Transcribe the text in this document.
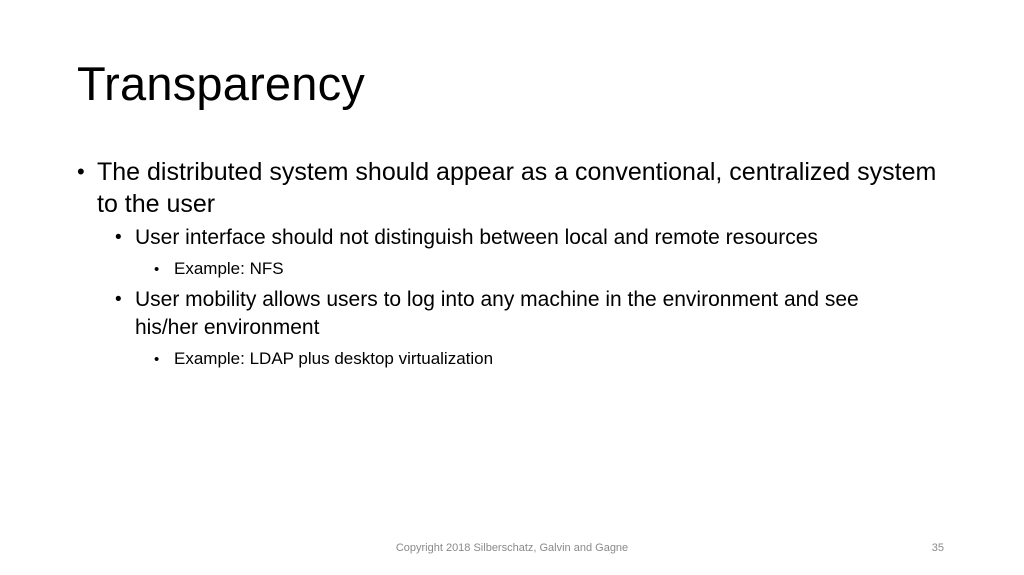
Transparency
• The distributed system should appear as a conventional, centralized system to the user
• User interface should not distinguish between local and remote resources
• Example: NFS
• User mobility allows users to log into any machine in the environment and see his/her environment
• Example: LDAP plus desktop virtualization
Copyright 2018 Silberschatz, Galvin and Gagne	35
